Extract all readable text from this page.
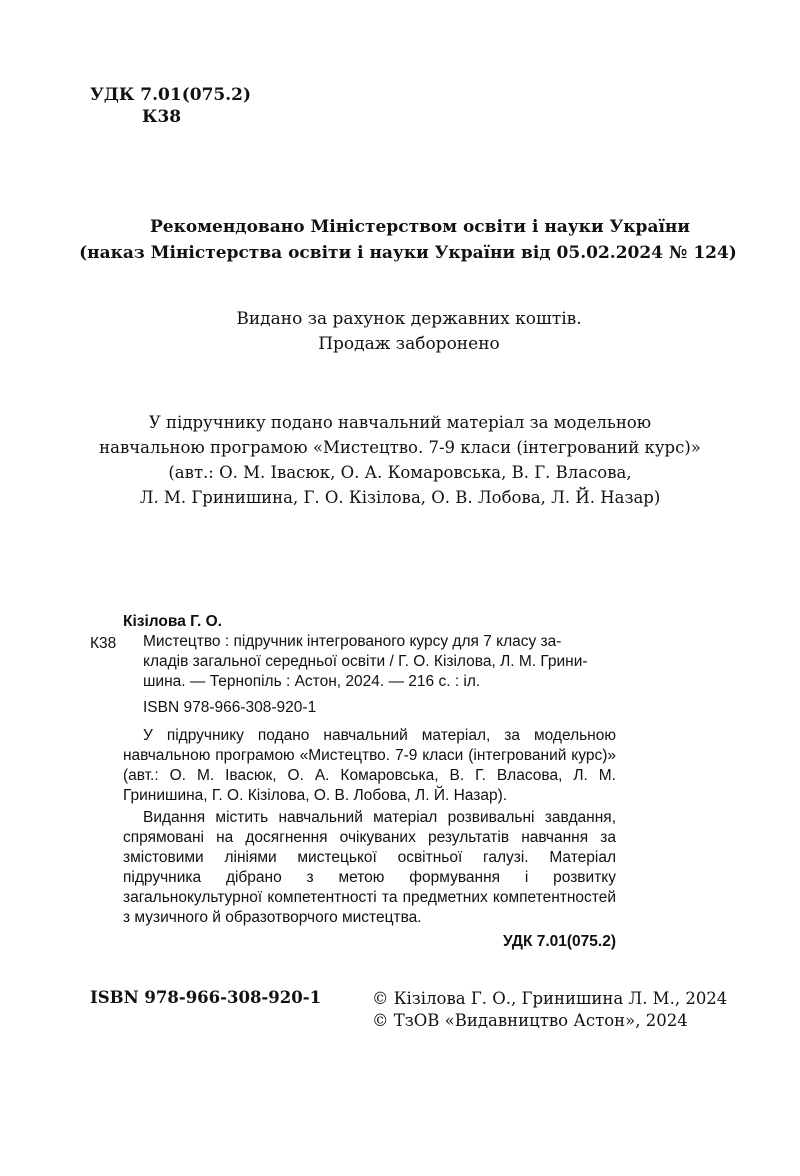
УДК 7.01(075.2)
К38
Рекомендовано Міністерством освіти і науки України
(наказ Міністерства освіти і науки України від 05.02.2024 № 124)
Видано за рахунок державних коштів.
Продаж заборонено
У підручнику подано навчальний матеріал за модельною
навчальною програмою «Мистецтво. 7-9 класи (інтегрований курс)»
(авт.: О. М. Івасюк, О. А. Комаровська, В. Г. Власова,
Л. М. Гринишина, Г. О. Кізілова, О. В. Лобова, Л. Й. Назар)
Кізілова Г. О.
К38 Мистецтво : підручник інтегрованого курсу для 7 класу за-
кладів загальної середньої освіти / Г. О. Кізілова, Л. М. Грини-
шина. — Тернопіль : Астон, 2024. — 216 с. : іл.
ISBN 978-966-308-920-1

У підручнику подано навчальний матеріал, за модельною навчальною програмою «Мистецтво. 7-9 класи (інтегрований курс)» (авт.: О. М. Івасюк, О. А. Комаровська, В. Г. Власова, Л. М. Гринишина, Г. О. Кізілова, О. В. Лобова, Л. Й. Назар).

Видання містить навчальний матеріал розвивальні завдання, спрямовані на досягнення очікуваних результатів навчання за змістовими лініями мистецької освітньої галузі. Матеріал підручника дібрано з метою формування і розвитку загальнокультурної компетентності та предметних компетентностей з музичного й образотворчого мистецтва.

УДК 7.01(075.2)
ISBN 978-966-308-920-1	© Кізілова Г. О., Гринишина Л. М., 2024
© ТзОВ «Видавництво Астон», 2024
